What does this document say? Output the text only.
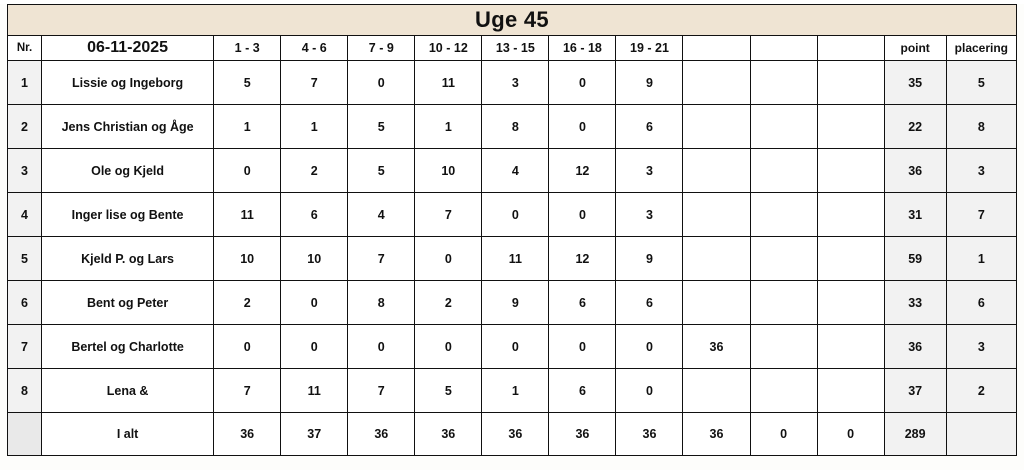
Uge 45													
Nr.	06-11-2025	1 - 3	4 - 6	7 - 9	10 - 12	13 - 15	16 - 18	19 - 21				point	placering
1	Lissie og Ingeborg	5	7	0	11	3	0	9				35	5
2	Jens Christian og Åge	1	1	5	1	8	0	6				22	8
3	Ole og Kjeld	0	2	5	10	4	12	3				36	3
4	Inger lise og Bente	11	6	4	7	0	0	3				31	7
5	Kjeld P. og Lars	10	10	7	0	11	12	9				59	1
6	Bent og Peter	2	0	8	2	9	6	6				33	6
7	Bertel og Charlotte	0	0	0	0	0	0	0	36			36	3
8	Lena &	7	11	7	5	1	6	0				37	2
	I alt	36	37	36	36	36	36	36	36	0	0	289	
